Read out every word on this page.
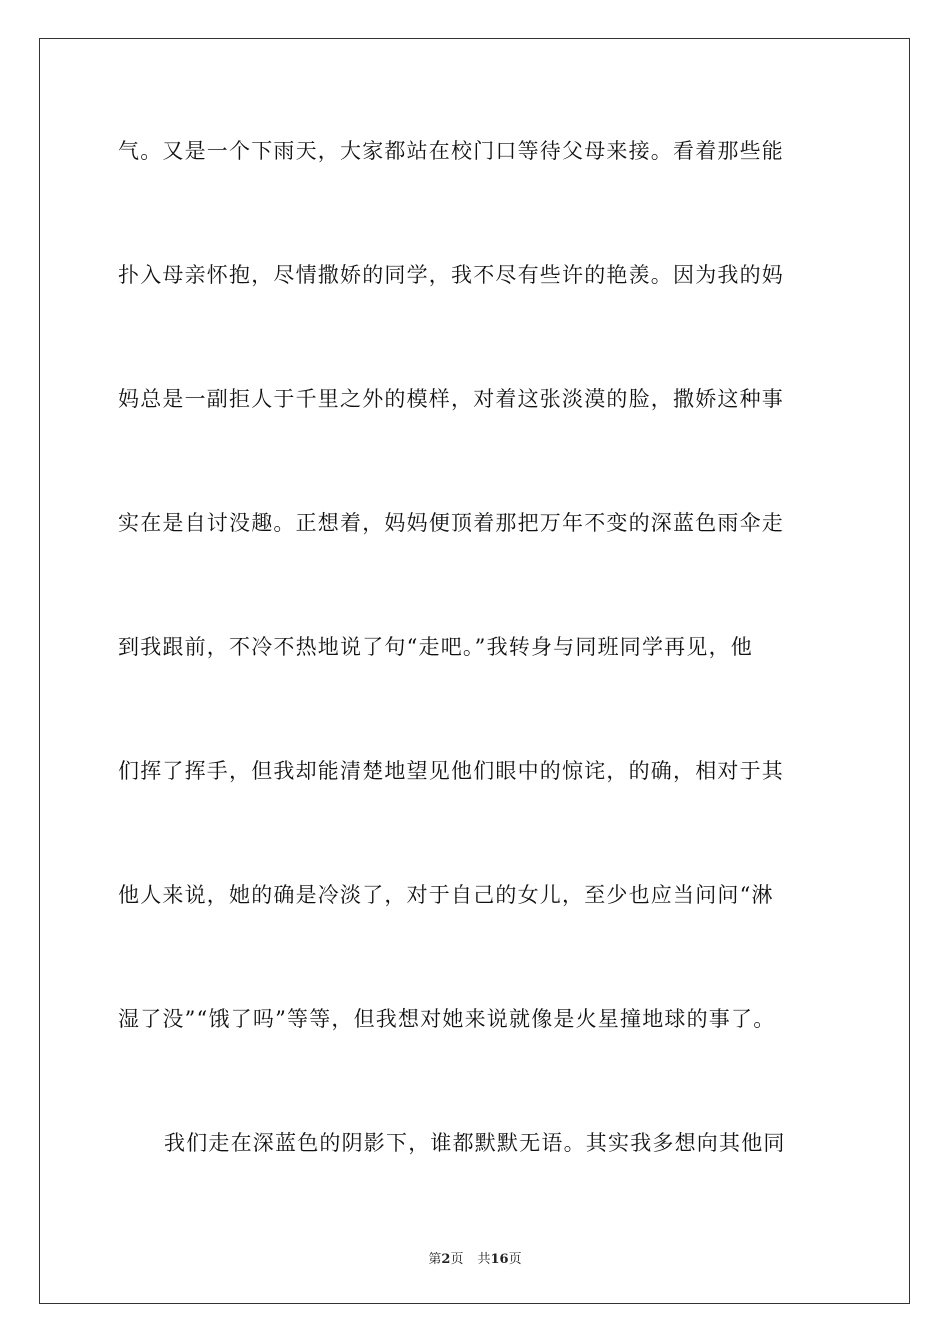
气。又是一个下雨天，大家都站在校门口等待父母来接。看着那些能
扑入母亲怀抱，尽情撒娇的同学，我不尽有些许的艳羡。因为我的妈
妈总是一副拒人于千里之外的模样，对着这张淡漠的脸，撒娇这种事
实在是自讨没趣。正想着，妈妈便顶着那把万年不变的深蓝色雨伞走
到我跟前，不冷不热地说了句“走吧。”我转身与同班同学再见，他
们挥了挥手，但我却能清楚地望见他们眼中的惊诧，的确，相对于其
他人来说，她的确是冷淡了，对于自己的女儿，至少也应当问问“淋
湿了没”“饿了吗”等等，但我想对她来说就像是火星撞地球的事了。
我们走在深蓝色的阴影下，谁都默默无语。其实我多想向其他同
第2页 共16页
